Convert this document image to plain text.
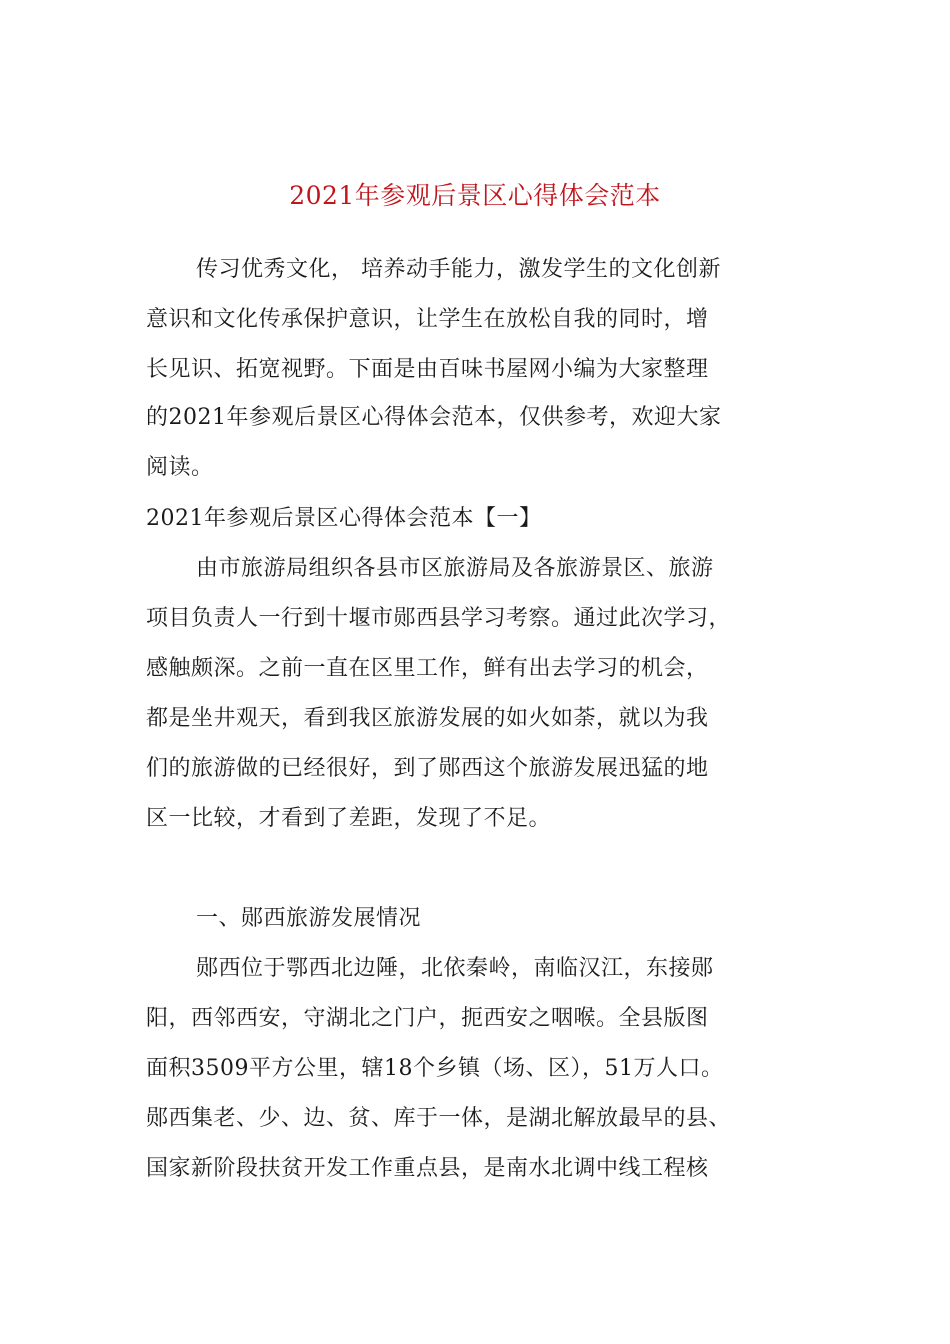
2021年参观后景区心得体会范本
传习优秀文化， 培养动手能力，激发学生的文化创新
意识和文化传承保护意识，让学生在放松自我的同时，增
长见识、拓宽视野。下面是由百味书屋网小编为大家整理
的2021年参观后景区心得体会范本，仅供参考，欢迎大家
阅读。
2021年参观后景区心得体会范本【一】
由市旅游局组织各县市区旅游局及各旅游景区、旅游
项目负责人一行到十堰市郧西县学习考察。通过此次学习，
感触颇深。之前一直在区里工作，鲜有出去学习的机会，
都是坐井观天，看到我区旅游发展的如火如荼，就以为我
们的旅游做的已经很好，到了郧西这个旅游发展迅猛的地
区一比较，才看到了差距，发现了不足。
一、郧西旅游发展情况
郧西位于鄂西北边陲，北依秦岭，南临汉江，东接郧
阳，西邻西安，守湖北之门户，扼西安之咽喉。全县版图
面积3509平方公里，辖18个乡镇（场、区），51万人口。
郧西集老、少、边、贫、库于一体，是湖北解放最早的县、
国家新阶段扶贫开发工作重点县，是南水北调中线工程核
